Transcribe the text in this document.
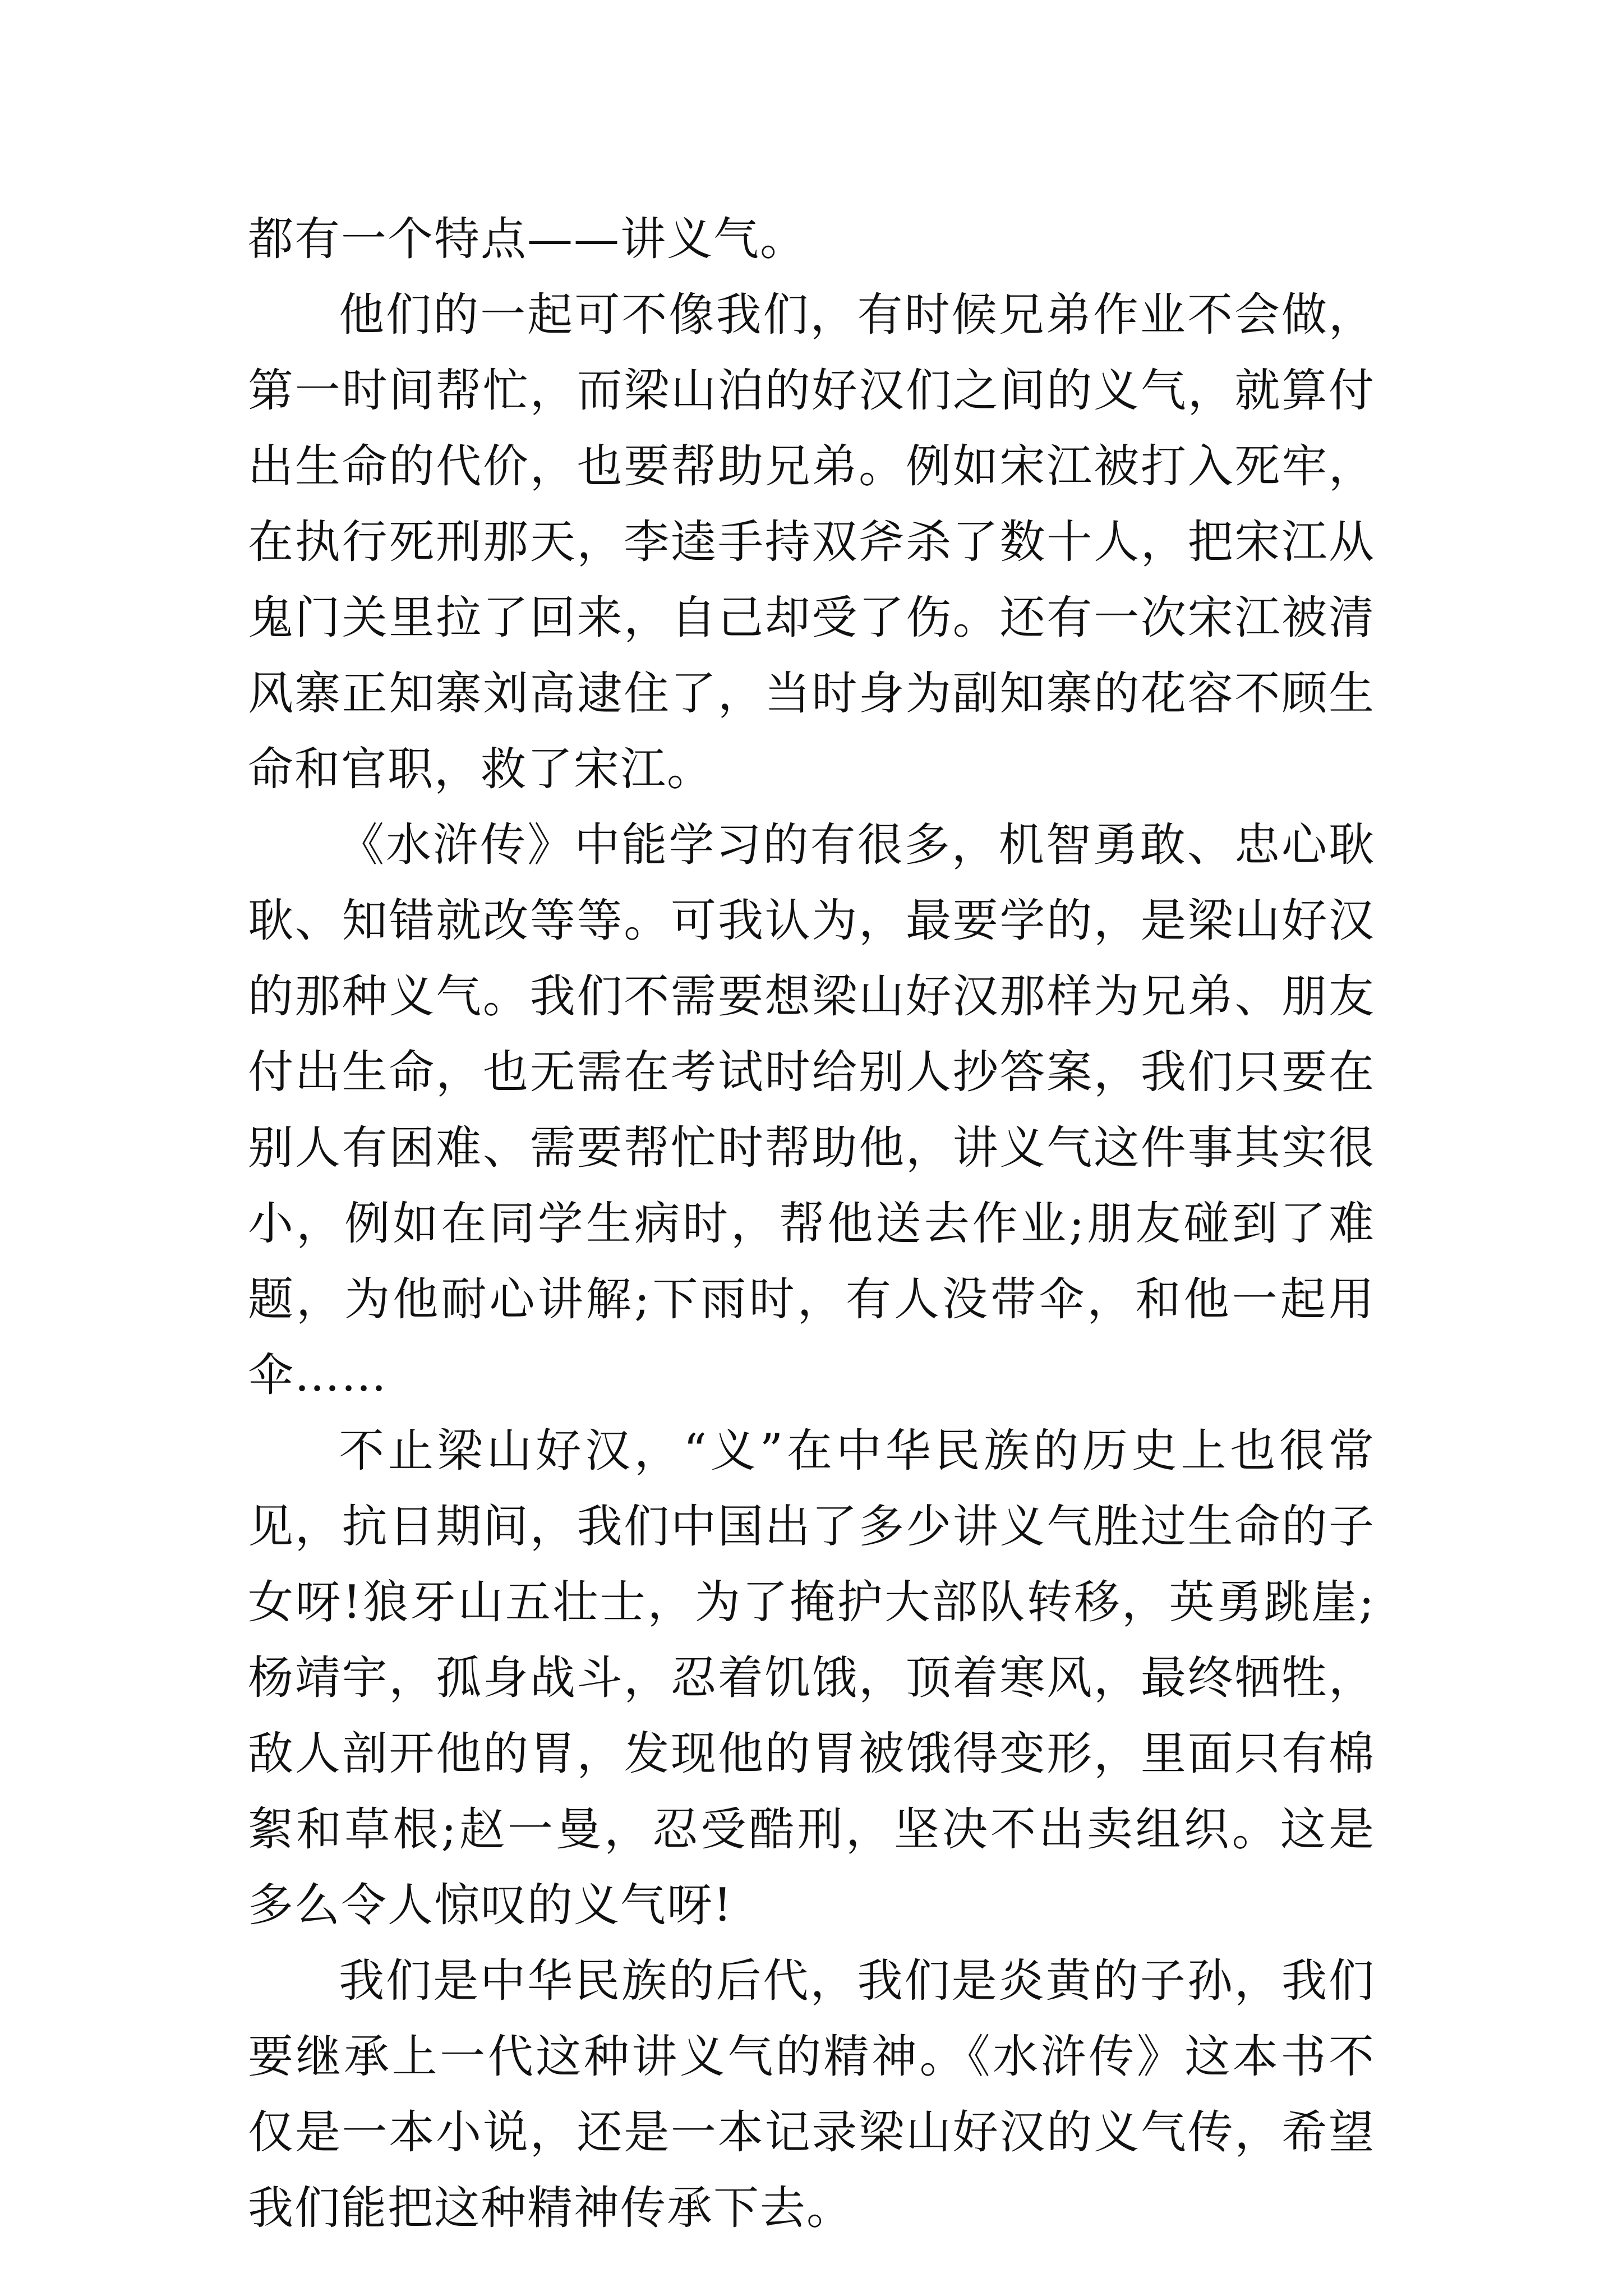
都有一个特点——讲义气。

他们的一起可不像我们，有时候兄弟作业不会做，第一时间帮忙，而梁山泊的好汉们之间的义气，就算付出生命的代价，也要帮助兄弟。例如宋江被打入死牢，在执行死刑那天，李逵手持双斧杀了数十人，把宋江从鬼门关里拉了回来，自己却受了伤。还有一次宋江被清风寨正知寨刘高逮住了，当时身为副知寨的花容不顾生命和官职，救了宋江。

《水浒传》中能学习的有很多，机智勇敢、忠心耿耿、知错就改等等。可我认为，最要学的，是梁山好汉的那种义气。我们不需要想梁山好汉那样为兄弟、朋友付出生命，也无需在考试时给别人抄答案，我们只要在别人有困难、需要帮忙时帮助他，讲义气这件事其实很小，例如在同学生病时，帮他送去作业;朋友碰到了难题，为他耐心讲解;下雨时，有人没带伞，和他一起用伞……

不止梁山好汉，“义”在中华民族的历史上也很常见，抗日期间，我们中国出了多少讲义气胜过生命的子女呀!狼牙山五壮士，为了掩护大部队转移，英勇跳崖;杨靖宇，孤身战斗，忍着饥饿，顶着寒风，最终牺牲，敌人剖开他的胃，发现他的胃被饿得变形，里面只有棉絮和草根;赵一曼，忍受酷刑，坚决不出卖组织。这是多么令人惊叹的义气呀!

我们是中华民族的后代，我们是炎黄的子孙，我们要继承上一代这种讲义气的精神。《水浒传》这本书不仅是一本小说，还是一本记录梁山好汉的义气传，希望我们能把这种精神传承下去。
